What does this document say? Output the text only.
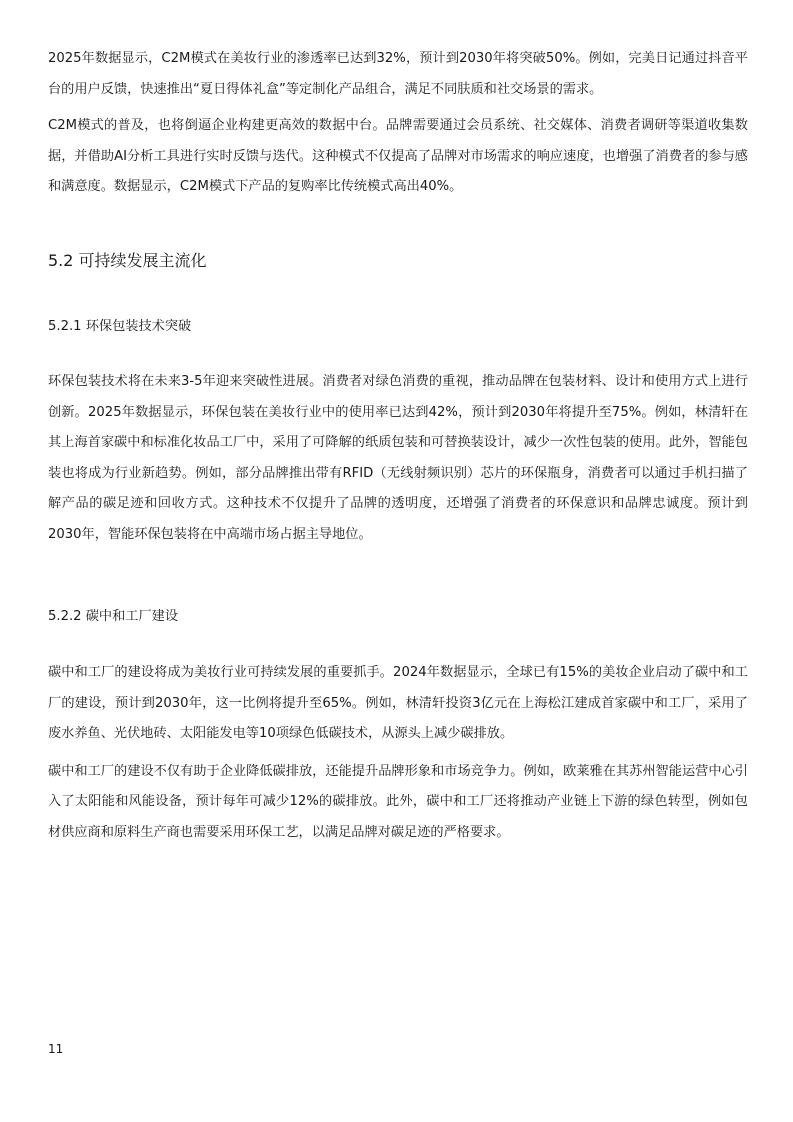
2025年数据显示，C2M模式在美妆行业的渗透率已达到32%，预计到2030年将突破50%。例如，完美日记通过抖音平台的用户反馈，快速推出“夏日得体礼盒”等定制化产品组合，满足不同肤质和社交场景的需求。

C2M模式的普及，也将倒逼企业构建更高效的数据中台。品牌需要通过会员系统、社交媒体、消费者调研等渠道收集数据，并借助AI分析工具进行实时反馈与迭代。这种模式不仅提高了品牌对市场需求的响应速度，也增强了消费者的参与感和满意度。数据显示，C2M模式下产品的复购率比传统模式高出40%。

5.2 可持续发展主流化
5.2.1 环保包装技术突破

环保包装技术将在未来3-5年迎来突破性进展。消费者对绿色消费的重视，推动品牌在包装材料、设计和使用方式上进行创新。2025年数据显示，环保包装在美妆行业中的使用率已达到42%，预计到2030年将提升至75%。例如，林清轩在其上海首家碳中和标准化妆品工厂中，采用了可降解的纸质包装和可替换装设计，减少一次性包装的使用。此外，智能包装也将成为行业新趋势。例如，部分品牌推出带有RFID（无线射频识别）芯片的环保瓶身，消费者可以通过手机扫描了解产品的碳足迹和回收方式。这种技术不仅提升了品牌的透明度，还增强了消费者的环保意识和品牌忠诚度。预计到2030年，智能环保包装将在中高端市场占据主导地位。

5.2.2 碳中和工厂建设

碳中和工厂的建设将成为美妆行业可持续发展的重要抓手。2024年数据显示，全球已有15%的美妆企业启动了碳中和工厂的建设，预计到2030年，这一比例将提升至65%。例如，林清轩投资3亿元在上海松江建成首家碳中和工厂，采用了废水养鱼、光伏地砖、太阳能发电等10项绿色低碳技术，从源头上减少碳排放。

碳中和工厂的建设不仅有助于企业降低碳排放，还能提升品牌形象和市场竞争力。例如，欧莱雅在其苏州智能运营中心引入了太阳能和风能设备，预计每年可减少12%的碳排放。此外，碳中和工厂还将推动产业链上下游的绿色转型，例如包材供应商和原料生产商也需要采用环保工艺，以满足品牌对碳足迹的严格要求。

11
